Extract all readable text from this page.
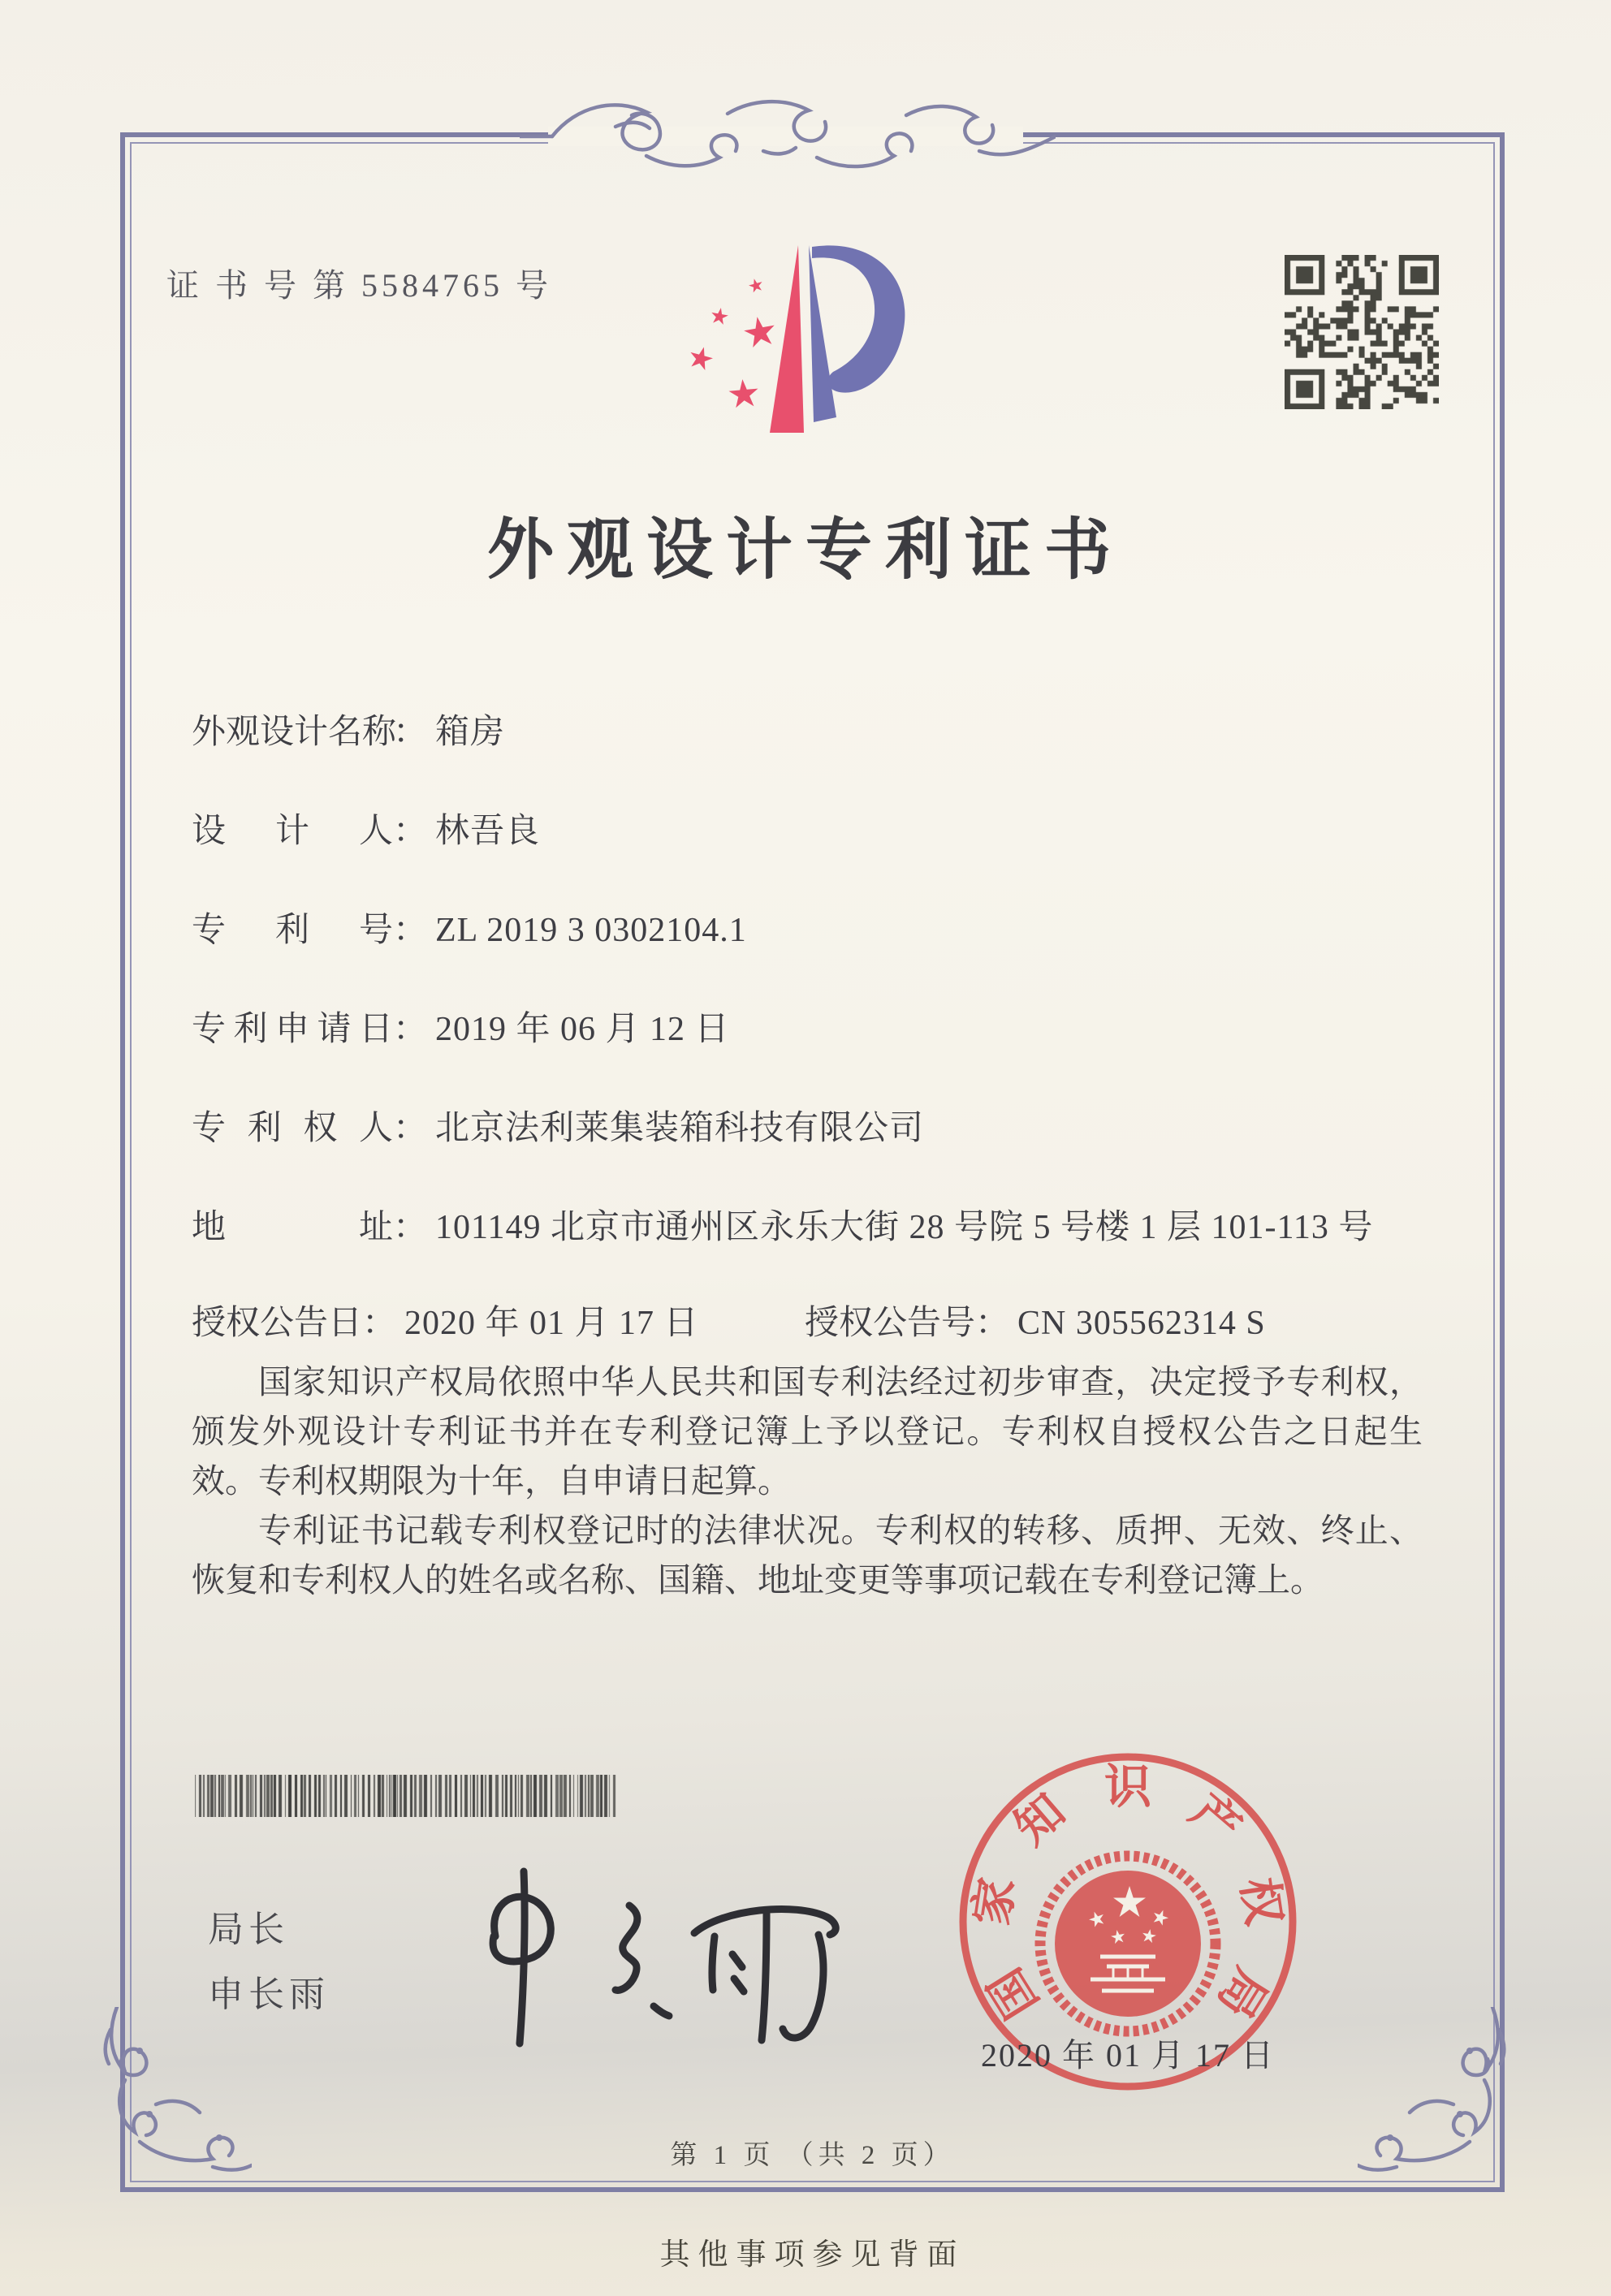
证 书 号 第 5584765 号
外观设计专利证书
外观设计名称： 箱房
设计人： 林吾良
专利号： ZL 2019 3 0302104.1
专利申请日： 2019 年 06 月 12 日
专利权人： 北京法利莱集装箱科技有限公司
地址： 101149 北京市通州区永乐大街 28 号院 5 号楼 1 层 101-113 号
授权公告日： 2020 年 01 月 17 日	授权公告号： CN 305562314 S

国家知识产权局依照中华人民共和国专利法经过初步审查，决定授予专利权，颁发外观设计专利证书并在专利登记簿上予以登记。专利权自授权公告之日起生效。专利权期限为十年，自申请日起算。

专利证书记载专利权登记时的法律状况。专利权的转移、质押、无效、终止、恢复和专利权人的姓名或名称、国籍、地址变更等事项记载在专利登记簿上。

局长
申长雨	国
家
知 识 产
权
局
2020 年 01 月 17 日
第 1 页 （共 2 页）
其他事项参见背面
